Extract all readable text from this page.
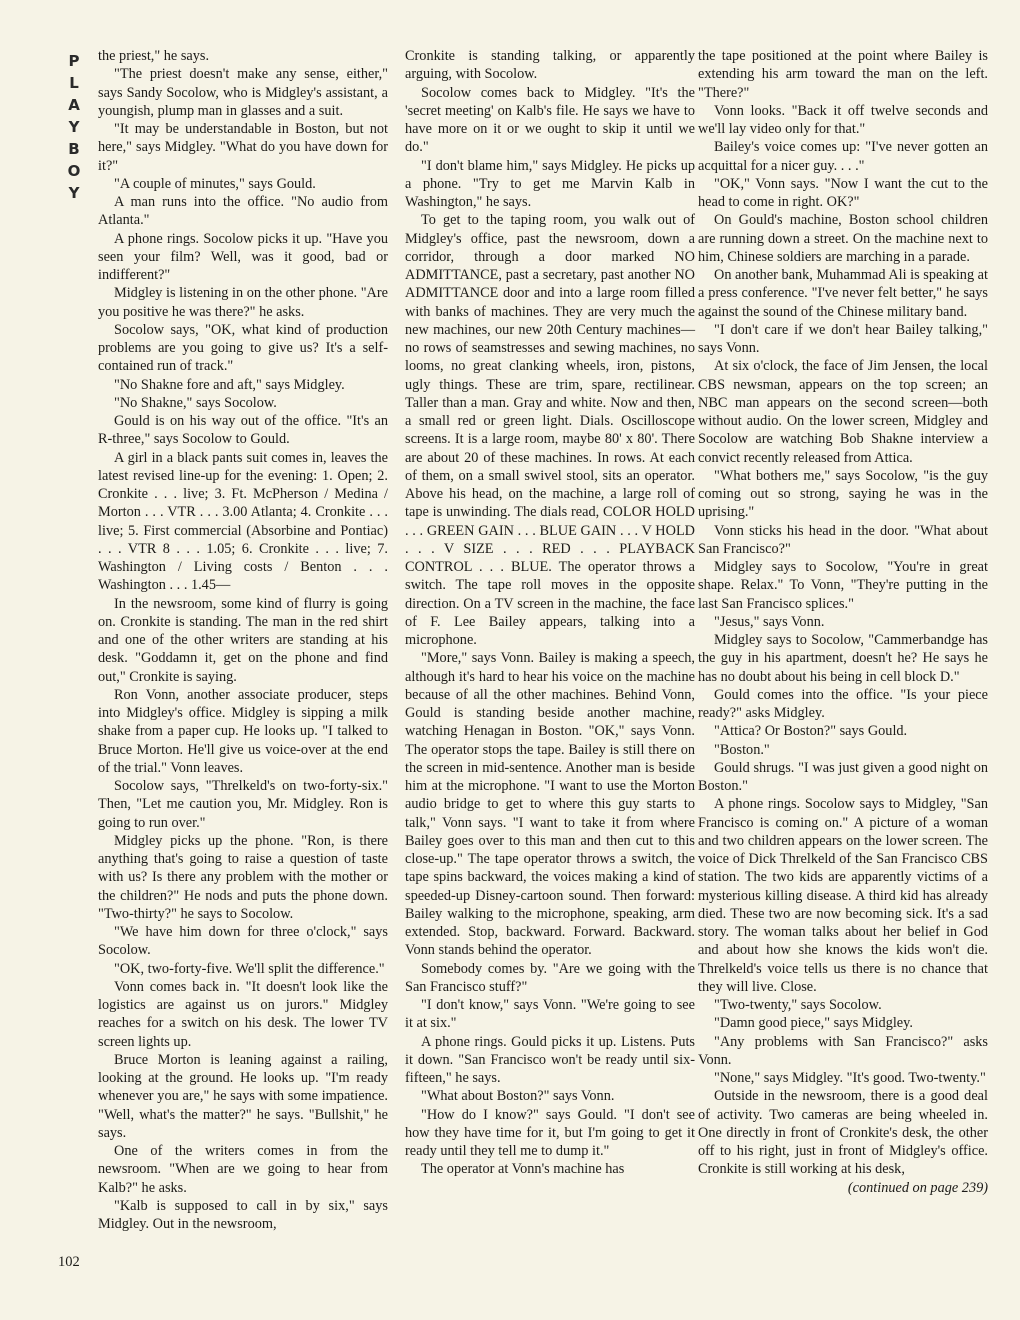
P
L
A
Y
B
O
Y

the priest," he says.

"The priest doesn't make any sense, either," says Sandy Socolow, who is Midgley's assistant, a youngish, plump man in glasses and a suit.

"It may be understandable in Boston, but not here," says Midgley. "What do you have down for it?"

"A couple of minutes," says Gould.

A man runs into the office. "No audio from Atlanta."

A phone rings. Socolow picks it up. "Have you seen your film? Well, was it good, bad or indifferent?"

Midgley is listening in on the other phone. "Are you positive he was there?" he asks.

Socolow says, "OK, what kind of production problems are you going to give us? It's a self-contained run of track."

"No Shakne fore and aft," says Midgley.

"No Shakne," says Socolow.

Gould is on his way out of the office. "It's an R-three," says Socolow to Gould.

A girl in a black pants suit comes in, leaves the latest revised line-up for the evening: 1. Open; 2. Cronkite . . . live; 3. Ft. McPherson / Medina / Morton . . . VTR . . . 3.00 Atlanta; 4. Cronkite . . . live; 5. First commercial (Absorbine and Pontiac) . . . VTR 8 . . . 1.05; 6. Cronkite . . . live; 7. Washington / Living costs / Benton . . . Washington . . . 1.45—

In the newsroom, some kind of flurry is going on. Cronkite is standing. The man in the red shirt and one of the other writers are standing at his desk. "Goddamn it, get on the phone and find out," Cronkite is saying.

Ron Vonn, another associate producer, steps into Midgley's office. Midgley is sipping a milk shake from a paper cup. He looks up. "I talked to Bruce Morton. He'll give us voice-over at the end of the trial." Vonn leaves.

Socolow says, "Threlkeld's on two-forty-six." Then, "Let me caution you, Mr. Midgley. Ron is going to run over."

Midgley picks up the phone. "Ron, is there anything that's going to raise a question of taste with us? Is there any problem with the mother or the children?" He nods and puts the phone down. "Two-thirty?" he says to Socolow.

"We have him down for three o'clock," says Socolow.

"OK, two-forty-five. We'll split the difference."

Vonn comes back in. "It doesn't look like the logistics are against us on jurors." Midgley reaches for a switch on his desk. The lower TV screen lights up.

Bruce Morton is leaning against a railing, looking at the ground. He looks up. "I'm ready whenever you are," he says with some impatience. "Well, what's the matter?" he says. "Bullshit," he says.

One of the writers comes in from the newsroom. "When are we going to hear from Kalb?" he asks.

"Kalb is supposed to call in by six," says Midgley. Out in the newsroom,

Cronkite is standing talking, or apparently arguing, with Socolow.

Socolow comes back to Midgley. "It's the 'secret meeting' on Kalb's file. He says we have to have more on it or we ought to skip it until we do."

"I don't blame him," says Midgley. He picks up a phone. "Try to get me Marvin Kalb in Washington," he says.

To get to the taping room, you walk out of Midgley's office, past the newsroom, down a corridor, through a door marked NO ADMITTANCE, past a secretary, past another NO ADMITTANCE door and into a large room filled with banks of machines. They are very much the new machines, our new 20th Century machines—no rows of seamstresses and sewing machines, no looms, no great clanking wheels, iron, pistons, ugly things. These are trim, spare, rectilinear. Taller than a man. Gray and white. Now and then, a small red or green light. Dials. Oscilloscope screens. It is a large room, maybe 80' x 80'. There are about 20 of these machines. In rows. At each of them, on a small swivel stool, sits an operator. Above his head, on the machine, a large roll of tape is unwinding. The dials read, COLOR HOLD . . . GREEN GAIN . . . BLUE GAIN . . . V HOLD . . . V SIZE . . . RED . . . PLAYBACK CONTROL . . . BLUE. The operator throws a switch. The tape roll moves in the opposite direction. On a TV screen in the machine, the face of F. Lee Bailey appears, talking into a microphone.

"More," says Vonn. Bailey is making a speech, although it's hard to hear his voice on the machine because of all the other machines. Behind Vonn, Gould is standing beside another machine, watching Henagan in Boston. "OK," says Vonn. The operator stops the tape. Bailey is still there on the screen in mid-sentence. Another man is beside him at the microphone. "I want to use the Morton audio bridge to get to where this guy starts to talk," Vonn says. "I want to take it from where Bailey goes over to this man and then cut to this close-up." The tape operator throws a switch, the tape spins backward, the voices making a kind of speeded-up Disney-cartoon sound. Then forward: Bailey walking to the microphone, speaking, arm extended. Stop, backward. Forward. Backward. Vonn stands behind the operator.

Somebody comes by. "Are we going with the San Francisco stuff?"

"I don't know," says Vonn. "We're going to see it at six."

A phone rings. Gould picks it up. Listens. Puts it down. "San Francisco won't be ready until six-fifteen," he says.

"What about Boston?" says Vonn.

"How do I know?" says Gould. "I don't see how they have time for it, but I'm going to get it ready until they tell me to dump it."

The operator at Vonn's machine has

the tape positioned at the point where Bailey is extending his arm toward the man on the left. "There?"

Vonn looks. "Back it off twelve seconds and we'll lay video only for that."

Bailey's voice comes up: "I've never gotten an acquittal for a nicer guy. . . ."

"OK," Vonn says. "Now I want the cut to the head to come in right. OK?"

On Gould's machine, Boston school children are running down a street. On the machine next to him, Chinese soldiers are marching in a parade.

On another bank, Muhammad Ali is speaking at a press conference. "I've never felt better," he says against the sound of the Chinese military band.

"I don't care if we don't hear Bailey talking," says Vonn.

At six o'clock, the face of Jim Jensen, the local CBS newsman, appears on the top screen; an NBC man appears on the second screen—both without audio. On the lower screen, Midgley and Socolow are watching Bob Shakne interview a convict recently released from Attica.

"What bothers me," says Socolow, "is the guy coming out so strong, saying he was in the uprising."

Vonn sticks his head in the door. "What about San Francisco?"

Midgley says to Socolow, "You're in great shape. Relax." To Vonn, "They're putting in the last San Francisco splices."

"Jesus," says Vonn.

Midgley says to Socolow, "Cammerbandge has the guy in his apartment, doesn't he? He says he has no doubt about his being in cell block D."

Gould comes into the office. "Is your piece ready?" asks Midgley.

"Attica? Or Boston?" says Gould.

"Boston."

Gould shrugs. "I was just given a good night on Boston."

A phone rings. Socolow says to Midgley, "San Francisco is coming on." A picture of a woman and two children appears on the lower screen. The voice of Dick Threlkeld of the San Francisco CBS station. The two kids are apparently victims of a mysterious killing disease. A third kid has already died. These two are now becoming sick. It's a sad story. The woman talks about her belief in God and about how she knows the kids won't die. Threlkeld's voice tells us there is no chance that they will live. Close.

"Two-twenty," says Socolow.

"Damn good piece," says Midgley.

"Any problems with San Francisco?" asks Vonn.

"None," says Midgley. "It's good. Two-twenty."

Outside in the newsroom, there is a good deal of activity. Two cameras are being wheeled in. One directly in front of Cronkite's desk, the other off to his right, just in front of Midgley's office. Cronkite is still working at his desk,

(continued on page 239)

102
